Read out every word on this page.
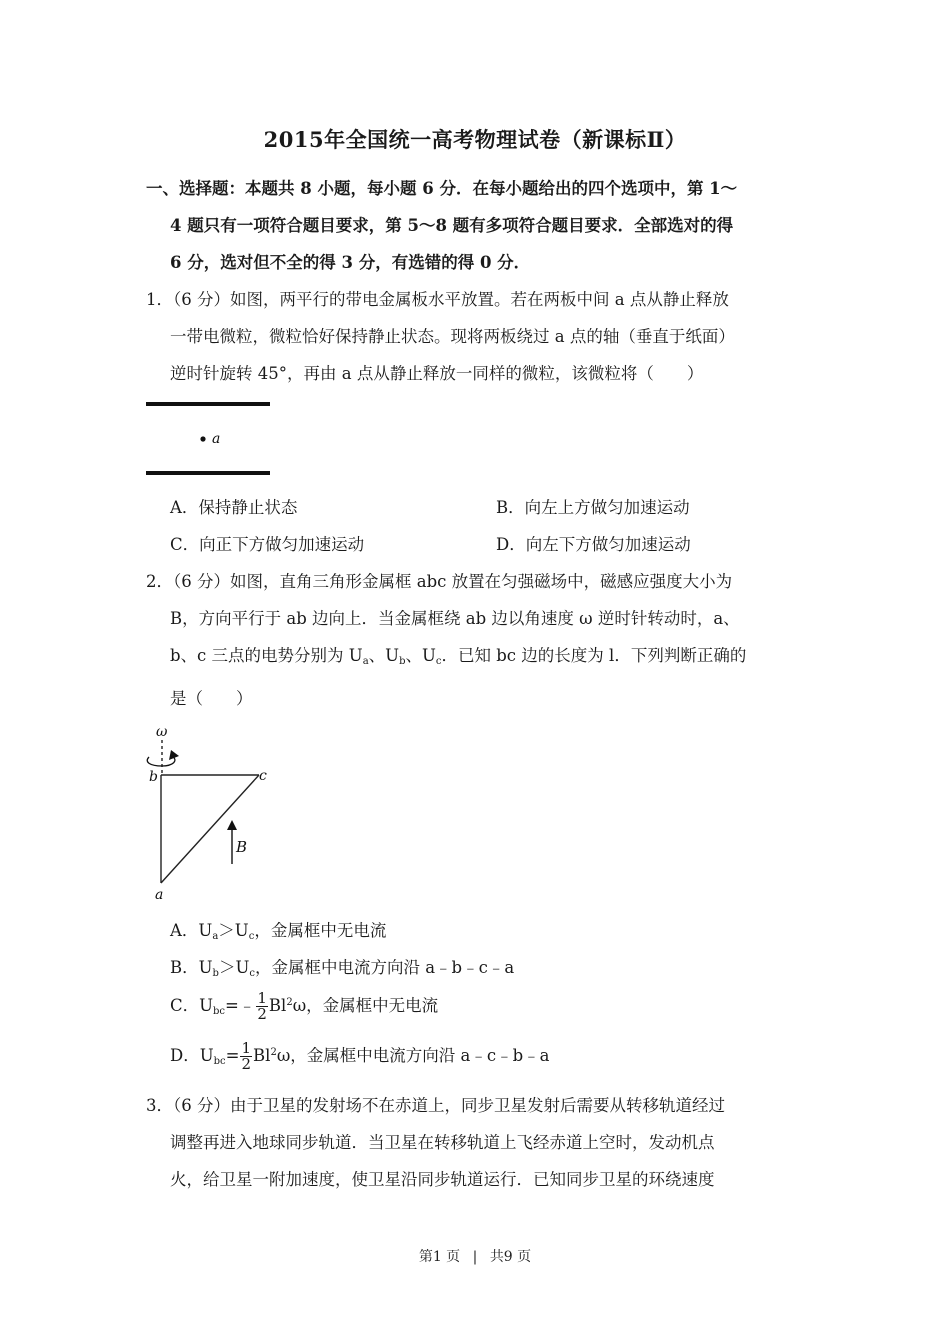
2015年全国统一高考物理试卷（新课标Ⅱ）
一、选择题：本题共 8 小题，每小题 6 分．在每小题给出的四个选项中，第 1～
4 题只有一项符合题目要求，第 5～8 题有多项符合题目要求．全部选对的得
6 分，选对但不全的得 3 分，有选错的得 0 分．
1．（6 分）如图，两平行的带电金属板水平放置。若在两板中间 a 点从静止释放
一带电微粒，微粒恰好保持静止状态。现将两板绕过 a 点的轴（垂直于纸面）
逆时针旋转 45°，再由 a 点从静止释放一同样的微粒，该微粒将（　　）
a
A．保持静止状态	B．向左上方做匀加速运动
C．向正下方做匀加速运动	D．向左下方做匀加速运动
2．（6 分）如图，直角三角形金属框 abc 放置在匀强磁场中，磁感应强度大小为
B，方向平行于 ab 边向上．当金属框绕 ab 边以角速度 ω 逆时针转动时，a、
b、c 三点的电势分别为 $U_a$、$U_b$、$U_c$．已知 bc 边的长度为 l．下列判断正确的
是（　　）
ω
b	c
a
B
A．$U_a>U_c$，金属框中无电流
B．$U_b>U_c$，金属框中电流方向沿 a﹣b﹣c﹣a
C．$U_{bc}=﹣ \frac{1}{2} Bl^2\omega$，金属框中无电流
D．$U_{bc}= \frac{1}{2} Bl^2\omega$，金属框中电流方向沿 a﹣c﹣b﹣a
3．（6 分）由于卫星的发射场不在赤道上，同步卫星发射后需要从转移轨道经过
调整再进入地球同步轨道．当卫星在转移轨道上飞经赤道上空时，发动机点
火，给卫星一附加速度，使卫星沿同步轨道运行．已知同步卫星的环绕速度
第1 页 | 共9 页
